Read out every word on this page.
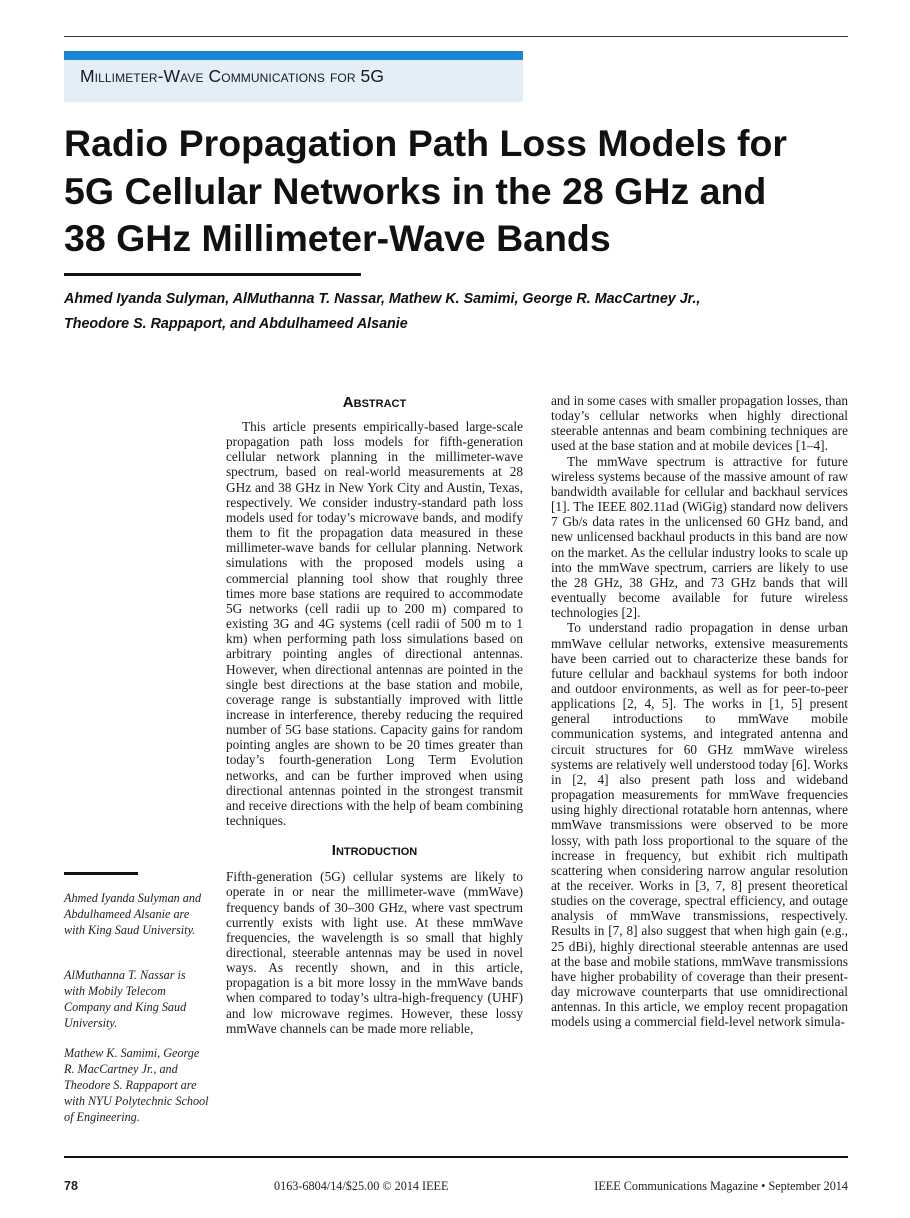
Millimeter-Wave Communications for 5G
Radio Propagation Path Loss Models for
5G Cellular Networks in the 28 GHz and
38 GHz Millimeter-Wave Bands
Ahmed Iyanda Sulyman, AlMuthanna T. Nassar, Mathew K. Samimi, George R. MacCartney Jr.,
Theodore S. Rappaport, and Abdulhameed Alsanie
Abstract

This article presents empirically-based large-scale propagation path loss models for fifth-generation cellular network planning in the millimeter-wave spectrum, based on real-world measurements at 28 GHz and 38 GHz in New York City and Austin, Texas, respectively. We consider industry-standard path loss models used for today’s microwave bands, and modify them to fit the propagation data measured in these millimeter-wave bands for cellular planning. Network simulations with the proposed models using a commercial planning tool show that roughly three times more base stations are required to accommodate 5G networks (cell radii up to 200 m) compared to existing 3G and 4G systems (cell radii of 500 m to 1 km) when performing path loss simulations based on arbitrary pointing angles of directional antennas. However, when directional antennas are pointed in the single best directions at the base station and mobile, coverage range is substantially improved with little increase in interference, thereby reducing the required number of 5G base stations. Capacity gains for random pointing angles are shown to be 20 times greater than today’s fourth-generation Long Term Evolution networks, and can be further improved when using directional antennas pointed in the strongest transmit and receive directions with the help of beam combining techniques.

Introduction

Fifth-generation (5G) cellular systems are likely to operate in or near the millimeter-wave (mmWave) frequency bands of 30–300 GHz, where vast spectrum currently exists with light use. At these mmWave frequencies, the wavelength is so small that highly directional, steerable antennas may be used in novel ways. As recently shown, and in this article, propagation is a bit more lossy in the mmWave bands when compared to today’s ultra-high-frequency (UHF) and low microwave regimes. However, these lossy mmWave channels can be made more reliable,

and in some cases with smaller propagation losses, than today’s cellular networks when highly directional steerable antennas and beam combining techniques are used at the base station and at mobile devices [1–4].

The mmWave spectrum is attractive for future wireless systems because of the massive amount of raw bandwidth available for cellular and backhaul services [1]. The IEEE 802.11ad (WiGig) standard now delivers 7 Gb/s data rates in the unlicensed 60 GHz band, and new unlicensed backhaul products in this band are now on the market. As the cellular industry looks to scale up into the mmWave spectrum, carriers are likely to use the 28 GHz, 38 GHz, and 73 GHz bands that will eventually become available for future wireless technologies [2].

To understand radio propagation in dense urban mmWave cellular networks, extensive measurements have been carried out to characterize these bands for future cellular and backhaul systems for both indoor and outdoor environments, as well as for peer-to-peer applications [2, 4, 5]. The works in [1, 5] present general introductions to mmWave mobile communication systems, and integrated antenna and circuit structures for 60 GHz mmWave wireless systems are relatively well understood today [6]. Works in [2, 4] also present path loss and wideband propagation measurements for mmWave frequencies using highly directional rotatable horn antennas, where mmWave transmissions were observed to be more lossy, with path loss proportional to the square of the increase in frequency, but exhibit rich multipath scattering when considering narrow angular resolution at the receiver. Works in [3, 7, 8] present theoretical studies on the coverage, spectral efficiency, and outage analysis of mmWave transmissions, respectively. Results in [7, 8] also suggest that when high gain (e.g., 25 dBi), highly directional steerable antennas are used at the base and mobile stations, mmWave transmissions have higher probability of coverage than their present-day microwave counterparts that use omnidirectional antennas. In this article, we employ recent propagation models using a commercial field-level network simula-

Ahmed Iyanda Sulyman and Abdulhameed Alsanie are with King Saud University.

AlMuthanna T. Nassar is with Mobily Telecom Company and King Saud University.

Mathew K. Samimi, George R. MacCartney Jr., and Theodore S. Rappaport are with NYU Polytechnic School of Engineering.

78	0163-6804/14/$25.00 © 2014 IEEE	IEEE Communications Magazine • September 2014
